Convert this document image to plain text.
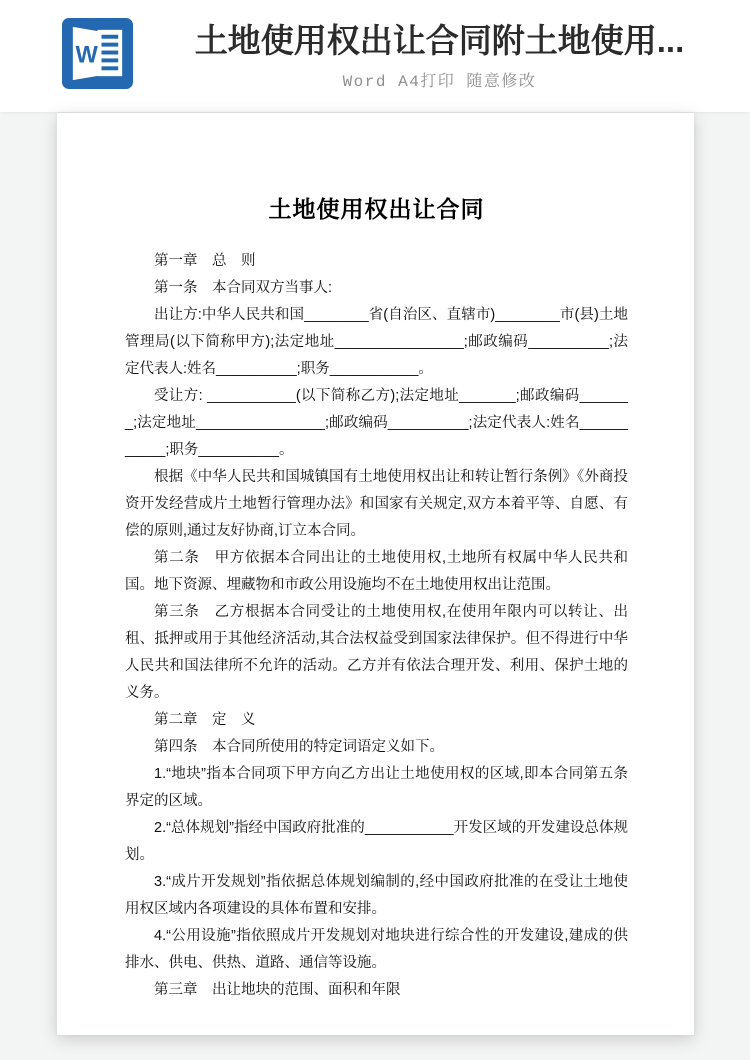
W	土地使用权出让合同附土地使用...
Word A4打印 随意修改
土地使用权出让合同

第一章　总　则

第一条　本合同双方当事人:

出让方:中华人民共和国________省(自治区、直辖市)________市(县)土地管理局(以下简称甲方);法定地址________________;邮政编码__________;法定代表人:姓名__________;职务___________。

受让方: ___________(以下简称乙方);法定地址_______;邮政编码_______;法定地址________________;邮政编码__________;法定代表人:姓名___________;职务__________。

根据《中华人民共和国城镇国有土地使用权出让和转让暂行条例》《外商投资开发经营成片土地暂行管理办法》和国家有关规定,双方本着平等、自愿、有偿的原则,通过友好协商,订立本合同。

第二条　甲方依据本合同出让的土地使用权,土地所有权属中华人民共和国。地下资源、埋藏物和市政公用设施均不在土地使用权出让范围。

第三条　乙方根据本合同受让的土地使用权,在使用年限内可以转让、出租、抵押或用于其他经济活动,其合法权益受到国家法律保护。但不得进行中华人民共和国法律所不允许的活动。乙方并有依法合理开发、利用、保护土地的义务。

第二章　定　义

第四条　本合同所使用的特定词语定义如下。

1.“地块”指本合同项下甲方向乙方出让土地使用权的区域,即本合同第五条界定的区域。

2.“总体规划”指经中国政府批准的___________开发区域的开发建设总体规划。

3.“成片开发规划”指依据总体规划编制的,经中国政府批准的在受让土地使用权区域内各项建设的具体布置和安排。

4.“公用设施”指依照成片开发规划对地块进行综合性的开发建设,建成的供排水、供电、供热、道路、通信等设施。

第三章　出让地块的范围、面积和年限
